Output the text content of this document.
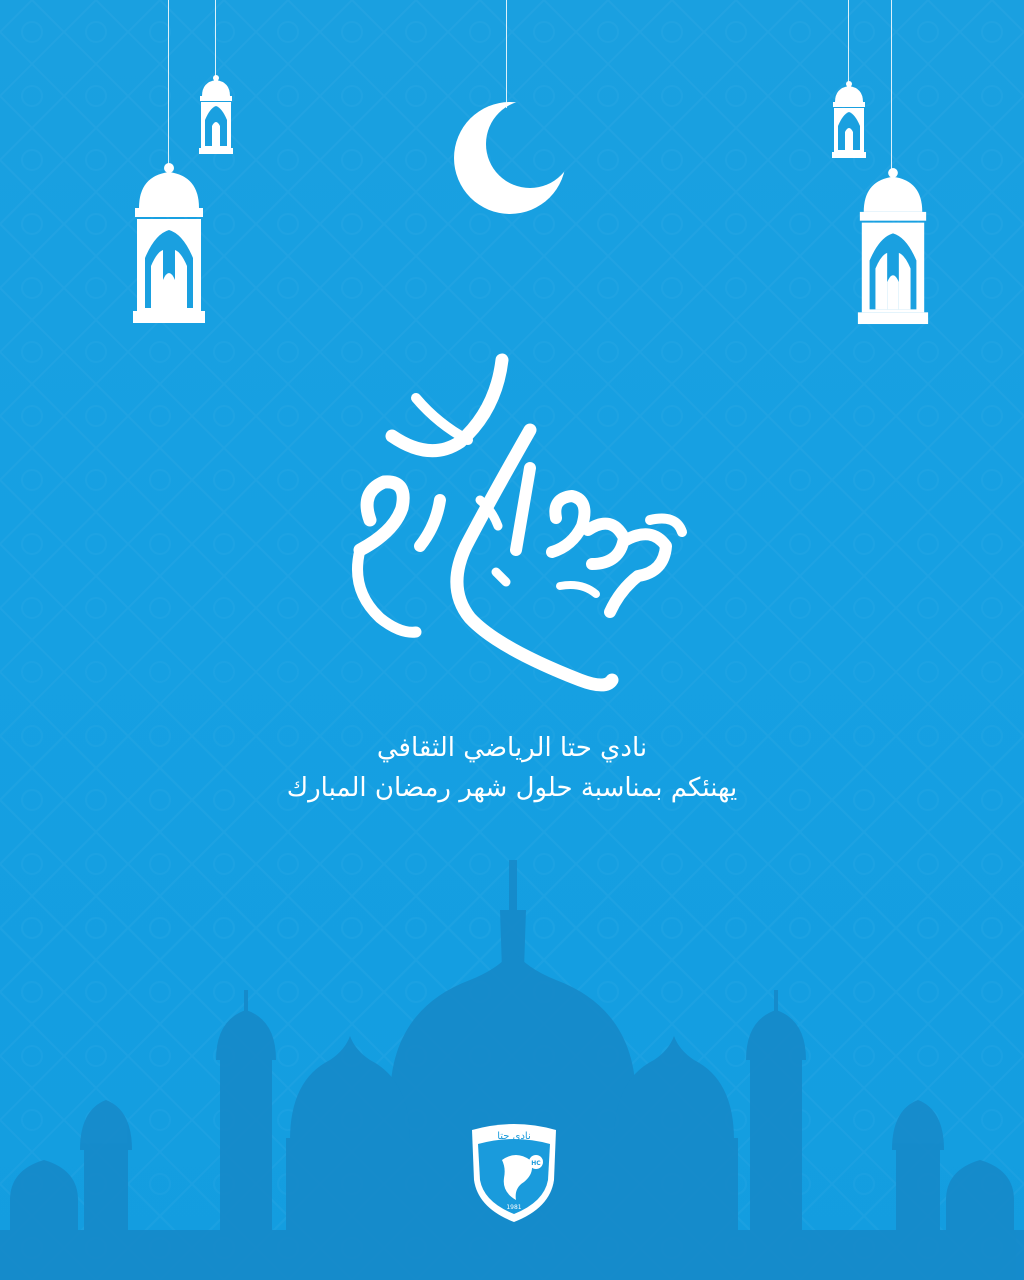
نادي حتا الرياضي الثقافي
يهنئكم بمناسبة حلول شهر رمضان المبارك
نادي حتا
HC
1981
